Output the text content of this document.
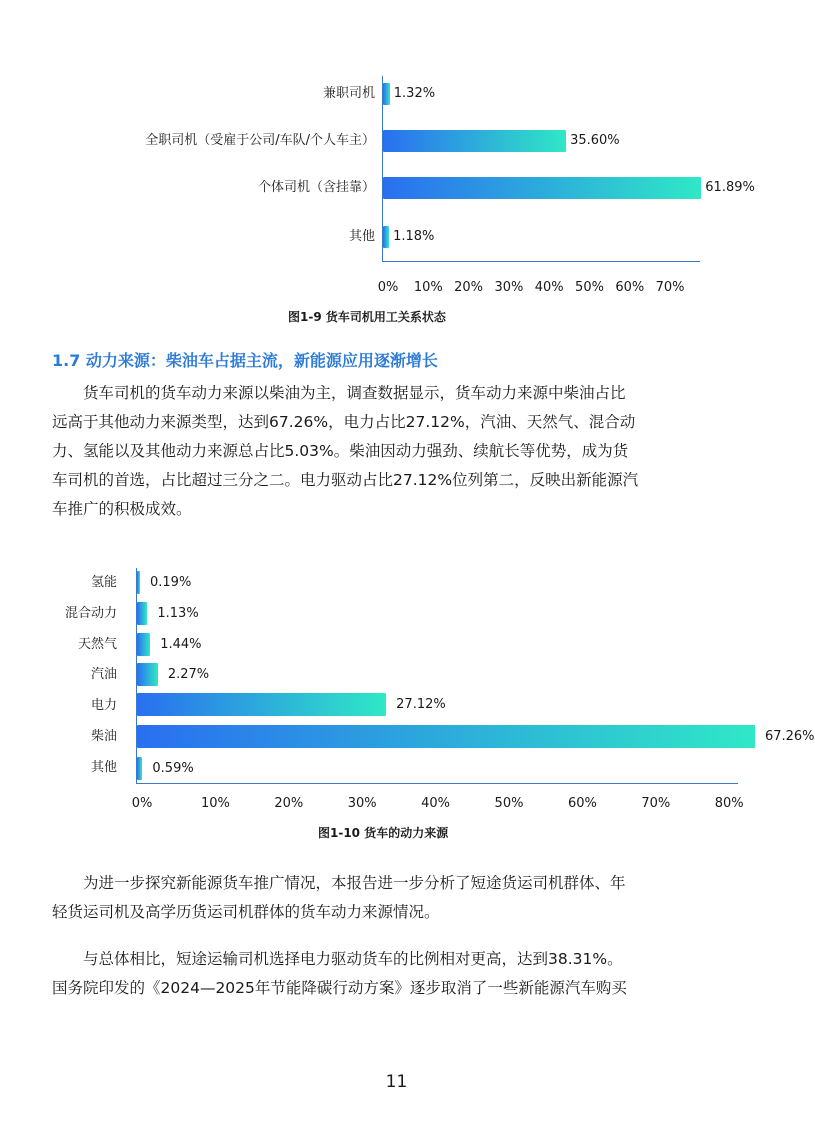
兼职司机
全职司机（受雇于公司/车队/个人车主）
个体司机（含挂靠）
其他
1.32%
35.60%
61.89%
1.18%
0% 10% 20% 30% 40% 50% 60% 70%
图1-9 货车司机用工关系状态
1.7 动力来源：柴油车占据主流，新能源应用逐渐增长

货车司机的货车动力来源以柴油为主，调查数据显示，货车动力来源中柴油占比
远高于其他动力来源类型，达到67.26%，电力占比27.12%，汽油、天然气、混合动
力、氢能以及其他动力来源总占比5.03%。柴油因动力强劲、续航长等优势，成为货
车司机的首选，占比超过三分之二。电力驱动占比27.12%位列第二，反映出新能源汽
车推广的积极成效。

氢能
混合动力
天然气
汽油
电力
柴油
其他
0.19%
1.13%
1.44%
2.27%
27.12%
67.26%
0.59%
0%	10%	20%	30%	40%	50%	60%	70%	80%
图1-10 货车的动力来源

为进一步探究新能源货车推广情况，本报告进一步分析了短途货运司机群体、年
轻货运司机及高学历货运司机群体的货车动力来源情况。

与总体相比，短途运输司机选择电力驱动货车的比例相对更高，达到38.31%。
国务院印发的《2024—2025年节能降碳行动方案》逐步取消了一些新能源汽车购买

11
